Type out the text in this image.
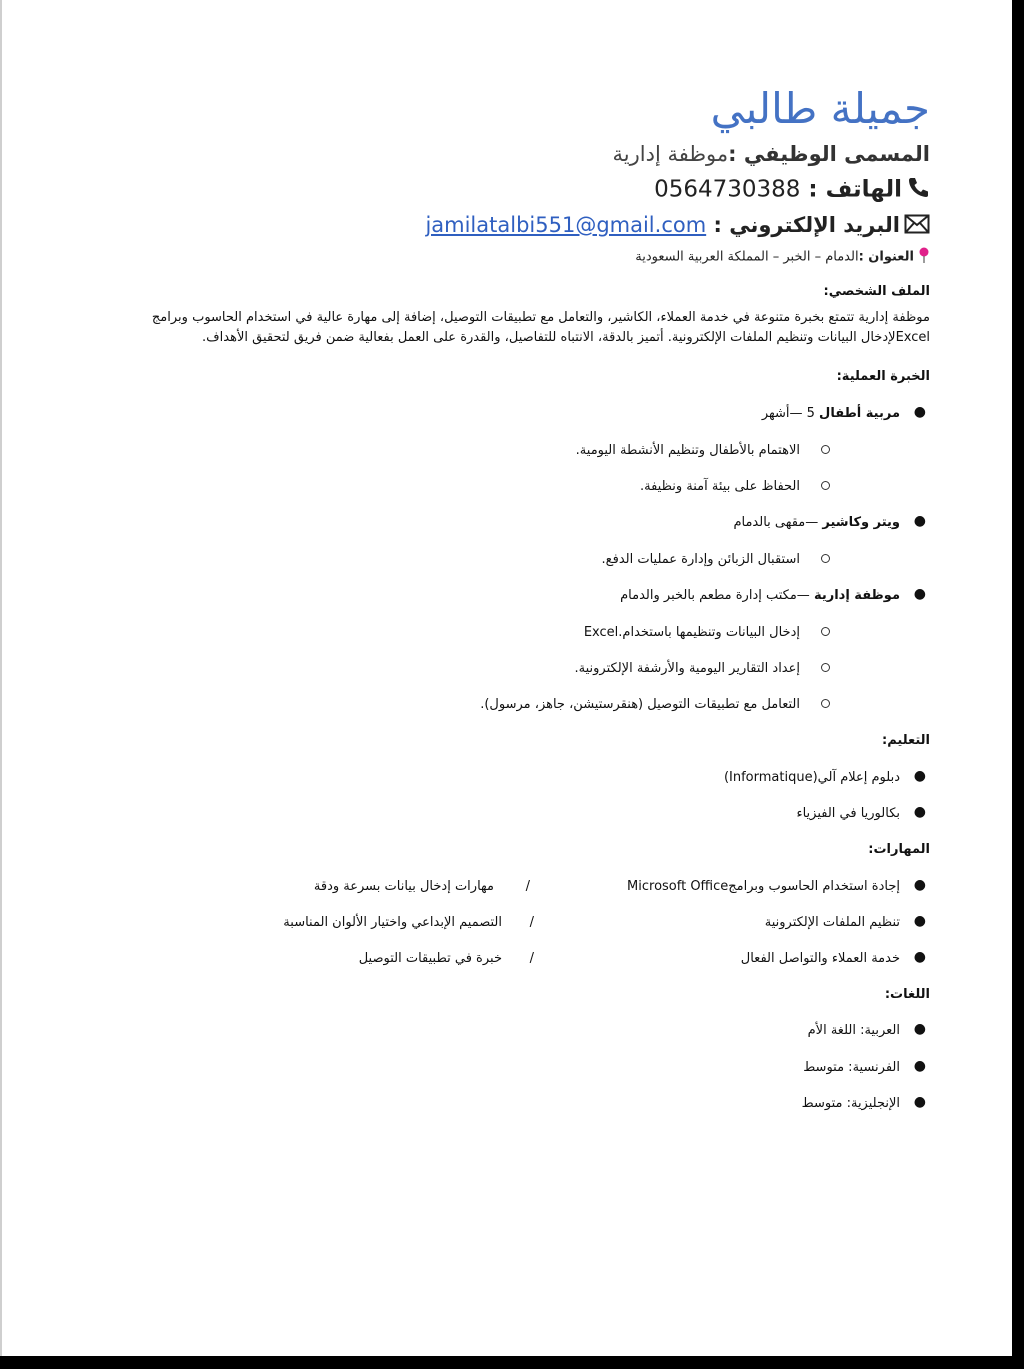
جميلة طالبي
المسمى الوظيفي :موظفة إدارية
الهاتف : 0564730388
البريد الإلكتروني : jamilatalbi551@gmail.com
العنوان :الدمام – الخبر – المملكة العربية السعودية
الملف الشخصي:
موظفة إدارية تتمتع بخبرة متنوعة في خدمة العملاء، الكاشير، والتعامل مع تطبيقات التوصيل، إضافة إلى مهارة عالية في استخدام الحاسوب وبرامج
Excelلإدخال البيانات وتنظيم الملفات الإلكترونية. أتميز بالدقة، الانتباه للتفاصيل، والقدرة على العمل بفعالية ضمن فريق لتحقيق الأهداف.
الخبرة العملية:
●
مربية أطفال 5 —أشهر
الاهتمام بالأطفال وتنظيم الأنشطة اليومية.
الحفاظ على بيئة آمنة ونظيفة.
●
ويتر وكاشير —مقهى بالدمام
استقبال الزبائن وإدارة عمليات الدفع.
●
موظفة إدارية —مكتب إدارة مطعم بالخبر والدمام
إدخال البيانات وتنظيمها باستخدام.Excel
إعداد التقارير اليومية والأرشفة الإلكترونية.
التعامل مع تطبيقات التوصيل (هنقرستيشن، جاهز، مرسول).
التعليم:
●
دبلوم إعلام آلي(Informatique)
●
بكالوريا في الفيزياء
المهارات:
●
إجادة استخدام الحاسوب وبرامجMicrosoft Office
/
مهارات إدخال بيانات بسرعة ودقة
●
تنظيم الملفات الإلكترونية
/
التصميم الإبداعي واختيار الألوان المناسبة
●
خدمة العملاء والتواصل الفعال
/
خبرة في تطبيقات التوصيل
اللغات:
●
العربية: اللغة الأم
●
الفرنسية: متوسط
●
الإنجليزية: متوسط
